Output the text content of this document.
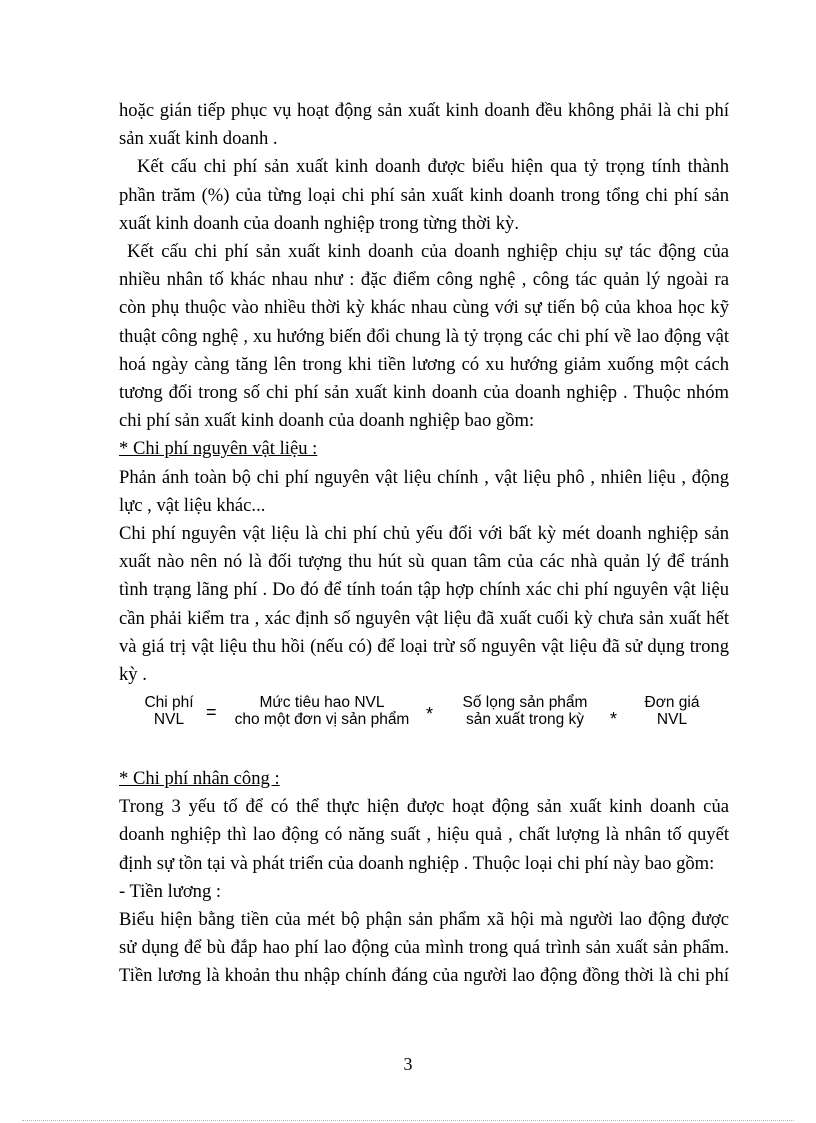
hoặc gián tiếp phục vụ hoạt động sản xuất kinh doanh đều không phải là chi phí
sản xuất kinh doanh .
Kết cấu chi phí sản xuất kinh doanh được biểu hiện qua tỷ trọng tính thành
phần trăm (%) của từng loại chi phí sản xuất kinh doanh trong tổng chi phí sản
xuất kinh doanh của doanh nghiệp trong từng thời kỳ.
Kết cấu chi phí sản xuất kinh doanh của doanh nghiệp chịu sự tác động của
nhiều nhân tố khác nhau như : đặc điểm công nghệ , công tác quản lý ngoài ra
còn phụ thuộc vào nhiều thời kỳ khác nhau cùng với sự tiến bộ của khoa học kỹ
thuật công nghệ , xu hướng biến đổi chung là tỷ trọng các chi phí về lao động vật
hoá ngày càng tăng lên trong khi tiền lương có xu hướng giảm xuống một cách
tương đối trong số chi phí sản xuất kinh doanh của doanh nghiệp . Thuộc nhóm
chi phí sản xuất kinh doanh của doanh nghiệp bao gồm:
* Chi phí nguyên vật liệu :
Phản ánh toàn bộ chi phí nguyên vật liệu chính , vật liệu phô , nhiên liệu , động
lực , vật liệu khác...
Chi phí nguyên vật liệu là chi phí chủ yếu đối với bất kỳ mét doanh nghiệp sản
xuất nào nên nó là đối tượng thu hút sù quan tâm của các nhà quản lý để tránh
tình trạng lãng phí . Do đó để tính toán tập hợp chính xác chi phí nguyên vật liệu
cần phải kiểm tra , xác định số nguyên vật liệu đã xuất cuối kỳ chưa sản xuất hết
và giá trị vật liệu thu hồi (nếu có) để loại trừ số nguyên vật liệu đã sử dụng trong
kỳ .
Chi phí
NVL	=	Mức tiêu hao NVL
cho một đơn vị sản phẩm *
Số lọng sản phẩm
sản xuất trong kỳ	*
Đơn giá
NVL
* Chi phí nhân công :
Trong 3 yếu tố để có thể thực hiện được hoạt động sản xuất kinh doanh của
doanh nghiệp thì lao động có năng suất , hiệu quả , chất lượng là nhân tố quyết
định sự tồn tại và phát triển của doanh nghiệp . Thuộc loại chi phí này bao gồm:
- Tiền lương :
Biểu hiện bằng tiền của mét bộ phận sản phẩm xã hội mà người lao động được
sử dụng để bù đắp hao phí lao động của mình trong quá trình sản xuất sản phẩm.
Tiền lương là khoản thu nhập chính đáng của người lao động đồng thời là chi phí
3
